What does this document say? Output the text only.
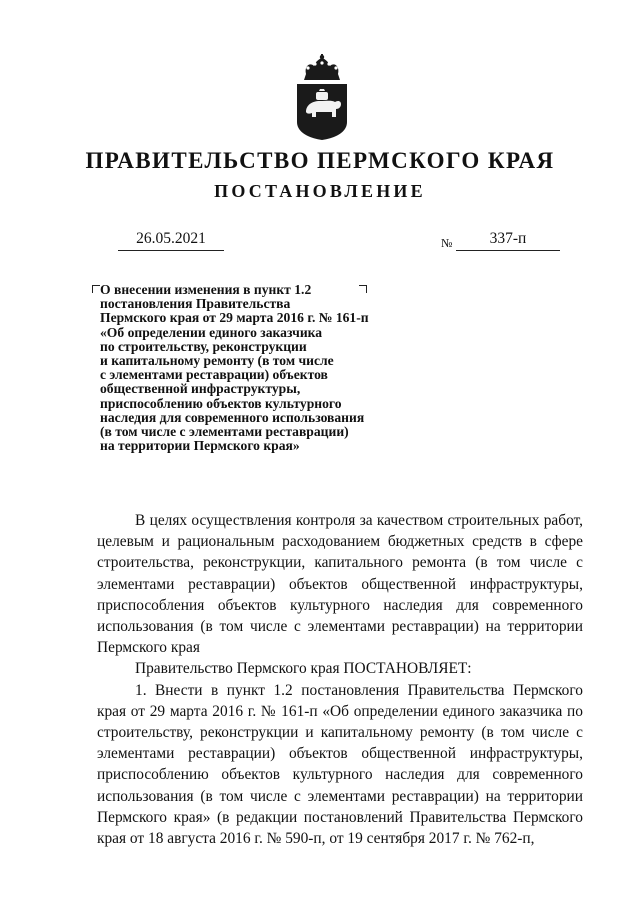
ПРАВИТЕЛЬСТВО ПЕРМСКОГО КРАЯ
ПОСТАНОВЛЕНИЕ
26.05.2021	№	337-п
О внесении изменения в пункт 1.2
постановления Правительства
Пермского края от 29 марта 2016 г. № 161-п
«Об определении единого заказчика
по строительству, реконструкции
и капитальному ремонту (в том числе
с элементами реставрации) объектов
общественной инфраструктуры,
приспособлению объектов культурного
наследия для современного использования
(в том числе с элементами реставрации)
на территории Пермского края»

В целях осуществления контроля за качеством строительных работ, целевым и рациональным расходованием бюджетных средств в сфере строительства, реконструкции, капитального ремонта (в том числе с элементами реставрации) объектов общественной инфраструктуры, приспособления объектов культурного наследия для современного использования (в том числе с элементами реставрации) на территории Пермского края

Правительство Пермского края ПОСТАНОВЛЯЕТ:

1. Внести в пункт 1.2 постановления Правительства Пермского края от 29 марта 2016 г. № 161-п «Об определении единого заказчика по строительству, реконструкции и капитальному ремонту (в том числе с элементами реставрации) объектов общественной инфраструктуры, приспособлению объектов культурного наследия для современного использования (в том числе с элементами реставрации) на территории Пермского края» (в редакции постановлений Правительства Пермского края от 18 августа 2016 г. № 590-п, от 19 сентября 2017 г. № 762-п,
